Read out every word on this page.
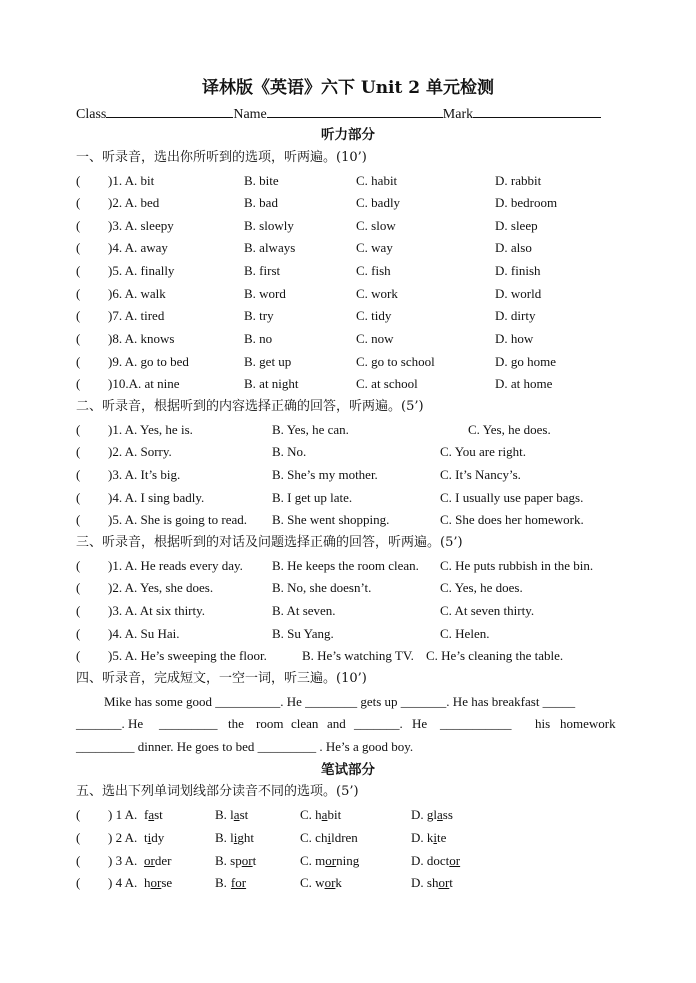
译林版《英语》六下 Unit 2 单元检测
Class	Name	Mark
听力部分
一、听录音，选出你所听到的选项，听两遍。(10’)
( )1. A. bit	B. bite	C. habit	D. rabbit
( )2. A. bed	B. bad	C. badly	D. bedroom
( )3. A. sleepy	B. slowly	C. slow	D. sleep
( )4. A. away	B. always	C. way	D. also
( )5. A. finally	B. first	C. fish	D. finish
( )6. A. walk	B. word	C. work	D. world
( )7. A. tired	B. try	C. tidy	D. dirty
( )8. A. knows	B. no	C. now	D. how
( )9. A. go to bed	B. get up	C. go to school	D. go home
( )10.A. at nine	B. at night	C. at school	D. at home
二、听录音，根据听到的内容选择正确的回答，听两遍。(5’)
( )1. A. Yes, he is.	B. Yes, he can.	C. Yes, he does.
( )2. A. Sorry.	B. No.	C. You are right.
( )3. A. It’s big.	B. She’s my mother.	C. It’s Nancy’s.
( )4. A. I sing badly.	B. I get up late.	C. I usually use paper bags.
( )5. A. She is going to read. B. She went shopping.	C. She does her homework.
三、听录音，根据听到的对话及问题选择正确的回答，听两遍。(5’)
( )1. A. He reads every day. B. He keeps the room clean. C. He puts rubbish in the bin.
( )2. A. Yes, she does.	B. No, she doesn’t.	C. Yes, he does.
( )3. A. At six thirty.	B. At seven.	C. At seven thirty.
( )4. A. Su Hai.	B. Su Yang.	C. Helen.
( )5. A. He’s sweeping the floor.	B. He’s watching TV. C. He’s cleaning the table.
四、听录音，完成短文，一空一词，听三遍。(10’)
Mike has some good __________. He ________ gets up _______. He has breakfast _____
_______. He _________ the room clean and _______. He ___________ his homework
_________ dinner. He goes to bed _________ . He’s a good boy.
笔试部分
五、选出下列单词划线部分读音不同的选项。(5’)
( ) 1 A. fast	B. last	C. habit	D. glass
( ) 2 A. tidy	B. light	C. children	D. kite
( ) 3 A. order	B. sport	C. morning	D. doctor
( ) 4 A. horse	B. for	C. work	D. short
